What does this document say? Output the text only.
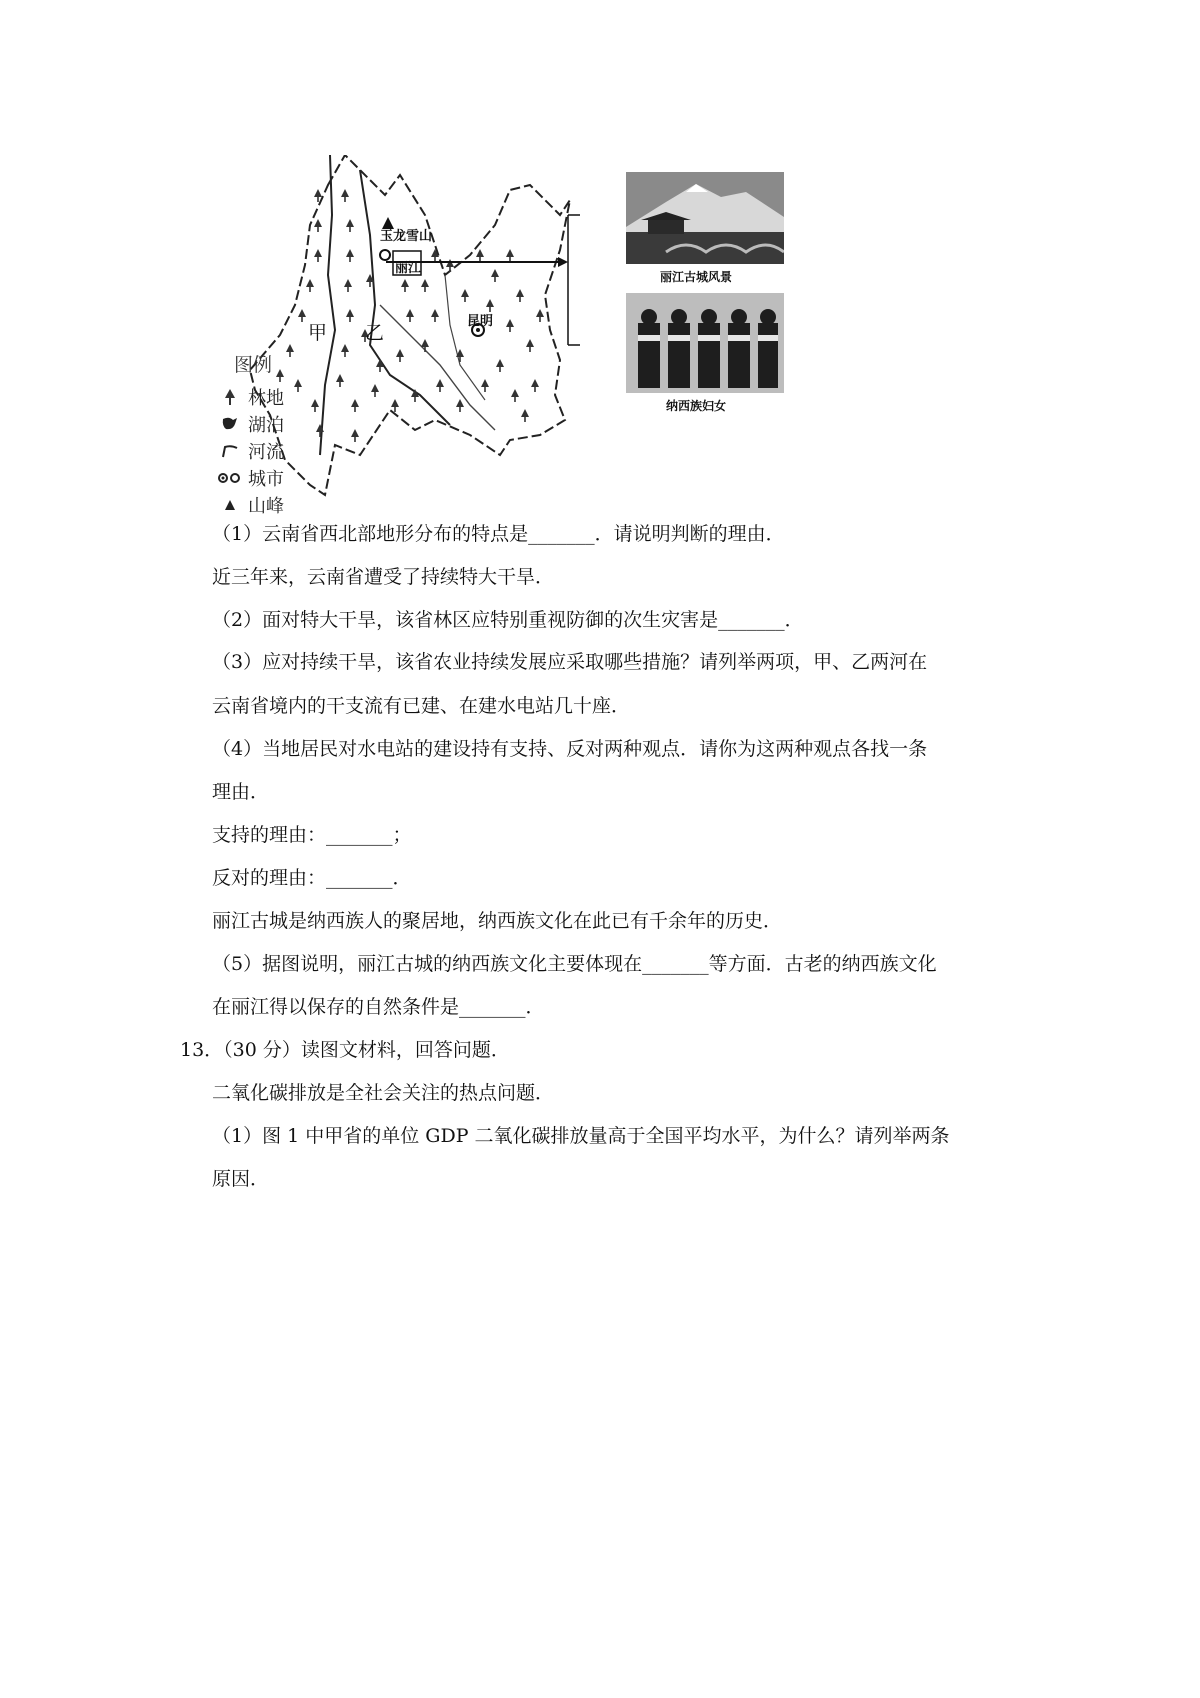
玉龙雪山
丽江
昆明
甲 乙
丽江古城风景
纳西族妇女
图例
林地
湖泊
河流
城市
山峰
（1）云南省西北部地形分布的特点是_______．请说明判断的理由．
近三年来，云南省遭受了持续特大干旱．
（2）面对特大干旱，该省林区应特别重视防御的次生灾害是_______．
（3）应对持续干旱，该省农业持续发展应采取哪些措施？请列举两项，甲、乙两河在
云南省境内的干支流有已建、在建水电站几十座．
（4）当地居民对水电站的建设持有支持、反对两种观点．请你为这两种观点各找一条
理由．
支持的理由：_______；
反对的理由：_______．
丽江古城是纳西族人的聚居地，纳西族文化在此已有千余年的历史．
（5）据图说明，丽江古城的纳西族文化主要体现在_______等方面．古老的纳西族文化
在丽江得以保存的自然条件是_______．
13．（30 分）读图文材料，回答问题．
二氧化碳排放是全社会关注的热点问题．
（1）图 1 中甲省的单位 GDP 二氧化碳排放量高于全国平均水平，为什么？请列举两条
原因．
